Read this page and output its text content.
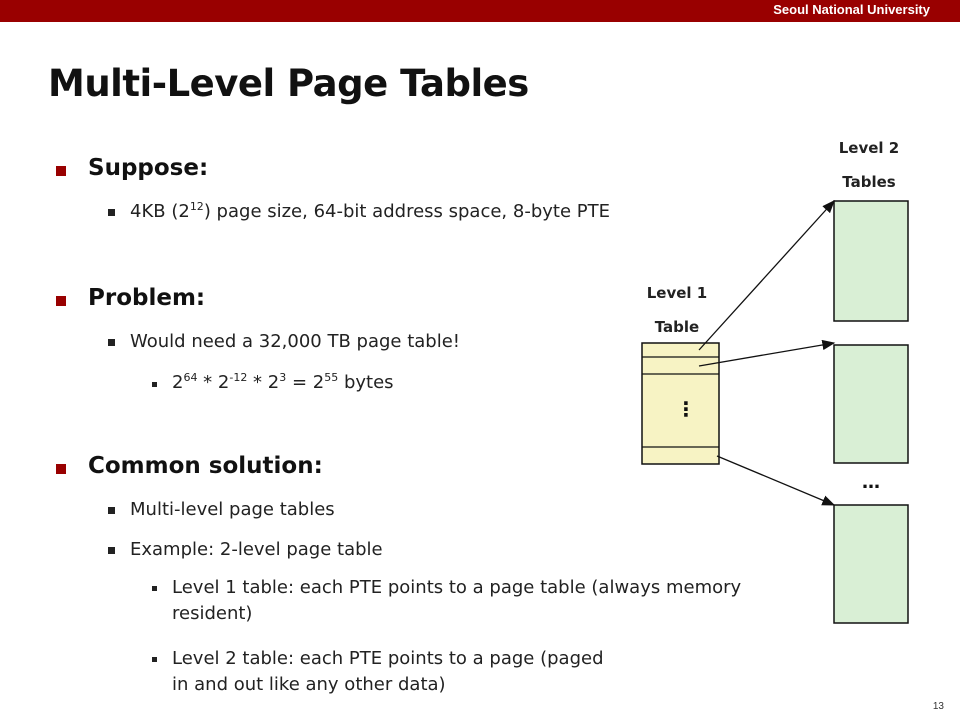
Seoul National University
Multi-Level Page Tables
Suppose:
4KB $(2^{12})$ page size, 64-bit address space, 8-byte PTE
Problem:
Would need a 32,000 TB page table!
$2^{64} * 2^{-12} * 2^3 = 2^{55}$ bytes
Common solution:
Multi-level page tables
Example: 2-level page table
Level 1 table: each PTE points to a page table (always memory resident)
Level 2 table: each PTE points to a page (paged in and out like any other data)
Level 2
Tables
Level 1
Table
⋮
…
13
